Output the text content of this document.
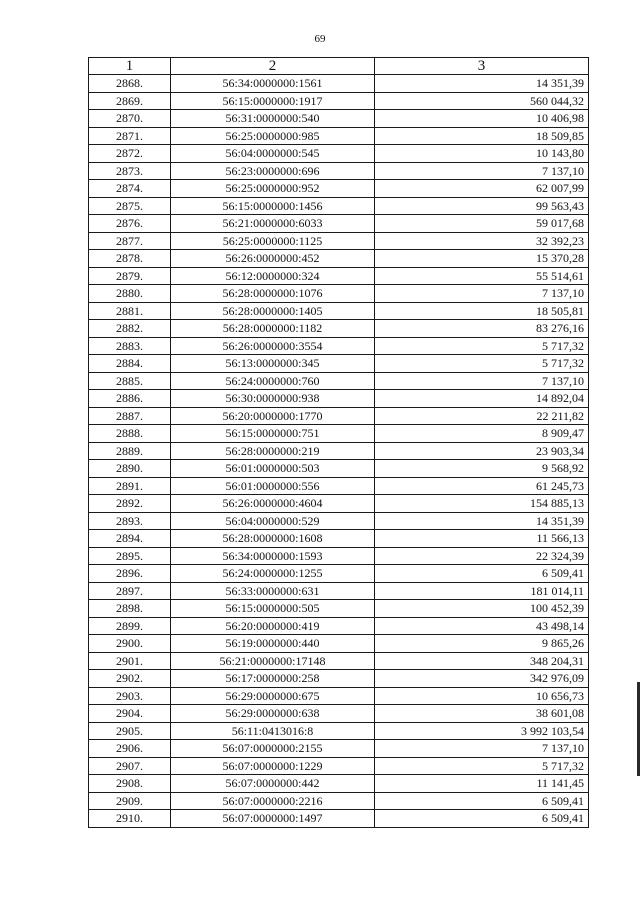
69
1	2	3
2868.	56:34:0000000:1561	14 351,39
2869.	56:15:0000000:1917	560 044,32
2870.	56:31:0000000:540	10 406,98
2871.	56:25:0000000:985	18 509,85
2872.	56:04:0000000:545	10 143,80
2873.	56:23:0000000:696	7 137,10
2874.	56:25:0000000:952	62 007,99
2875.	56:15:0000000:1456	99 563,43
2876.	56:21:0000000:6033	59 017,68
2877.	56:25:0000000:1125	32 392,23
2878.	56:26:0000000:452	15 370,28
2879.	56:12:0000000:324	55 514,61
2880.	56:28:0000000:1076	7 137,10
2881.	56:28:0000000:1405	18 505,81
2882.	56:28:0000000:1182	83 276,16
2883.	56:26:0000000:3554	5 717,32
2884.	56:13:0000000:345	5 717,32
2885.	56:24:0000000:760	7 137,10
2886.	56:30:0000000:938	14 892,04
2887.	56:20:0000000:1770	22 211,82
2888.	56:15:0000000:751	8 909,47
2889.	56:28:0000000:219	23 903,34
2890.	56:01:0000000:503	9 568,92
2891.	56:01:0000000:556	61 245,73
2892.	56:26:0000000:4604	154 885,13
2893.	56:04:0000000:529	14 351,39
2894.	56:28:0000000:1608	11 566,13
2895.	56:34:0000000:1593	22 324,39
2896.	56:24:0000000:1255	6 509,41
2897.	56:33:0000000:631	181 014,11
2898.	56:15:0000000:505	100 452,39
2899.	56:20:0000000:419	43 498,14
2900.	56:19:0000000:440	9 865,26
2901.	56:21:0000000:17148	348 204,31
2902.	56:17:0000000:258	342 976,09
2903.	56:29:0000000:675	10 656,73
2904.	56:29:0000000:638	38 601,08
2905.	56:11:0413016:8	3 992 103,54
2906.	56:07:0000000:2155	7 137,10
2907.	56:07:0000000:1229	5 717,32
2908.	56:07:0000000:442	11 141,45
2909.	56:07:0000000:2216	6 509,41
2910.	56:07:0000000:1497	6 509,41
